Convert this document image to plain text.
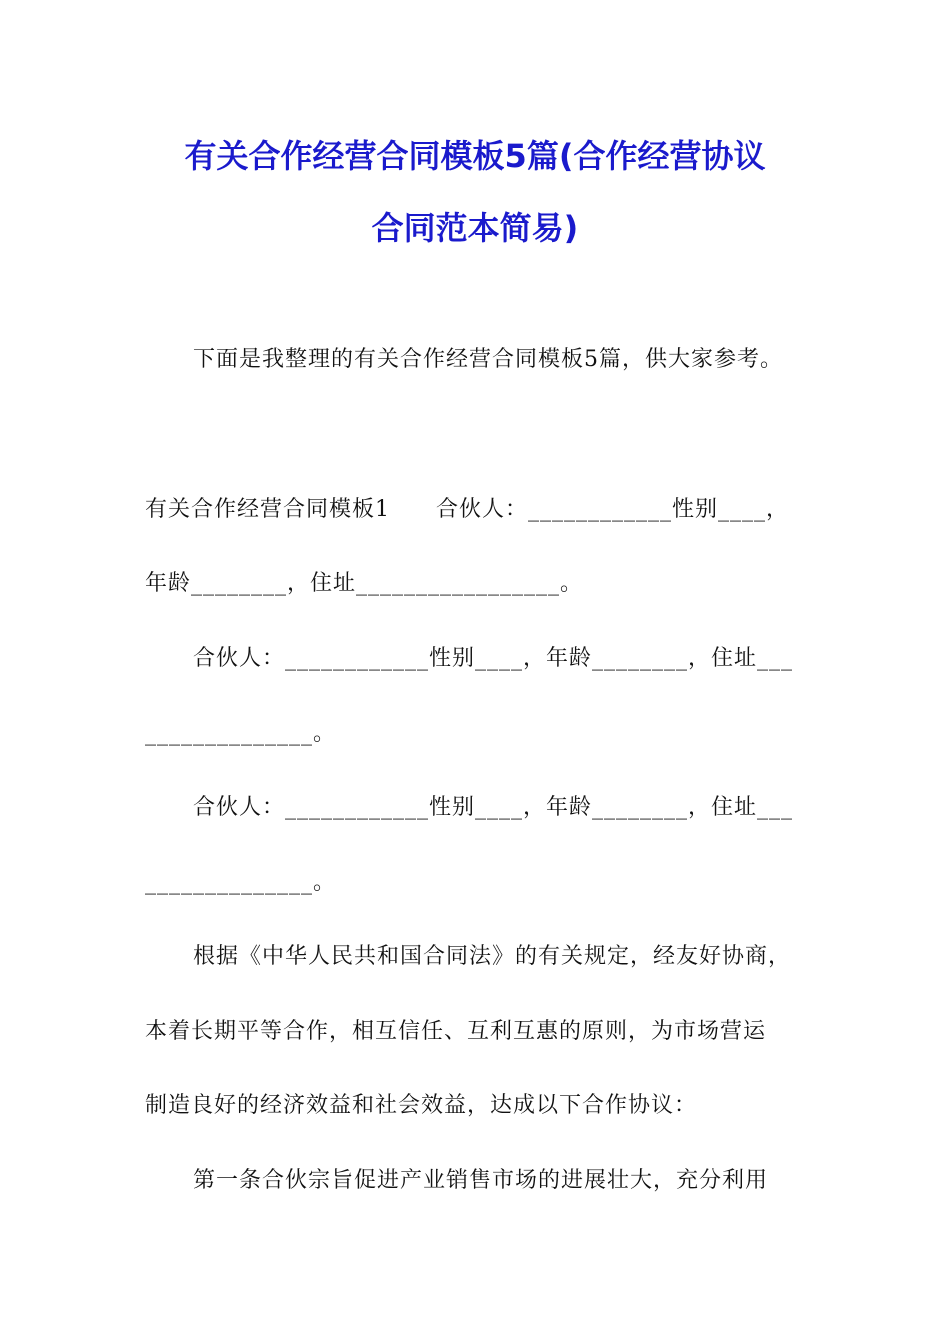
有关合作经营合同模板5篇(合作经营协议
合同范本简易)
下面是我整理的有关合作经营合同模板5篇，供大家参考。
有关合作经营合同模板1　　合伙人：____________性别____，
年龄________，住址_________________。
合伙人：____________性别____，年龄________，住址___
______________。
合伙人：____________性别____，年龄________，住址___
______________。
根据《中华人民共和国合同法》的有关规定，经友好协商，
本着长期平等合作，相互信任、互利互惠的原则，为市场营运
制造良好的经济效益和社会效益，达成以下合作协议：
第一条合伙宗旨促进产业销售市场的进展壮大，充分利用
